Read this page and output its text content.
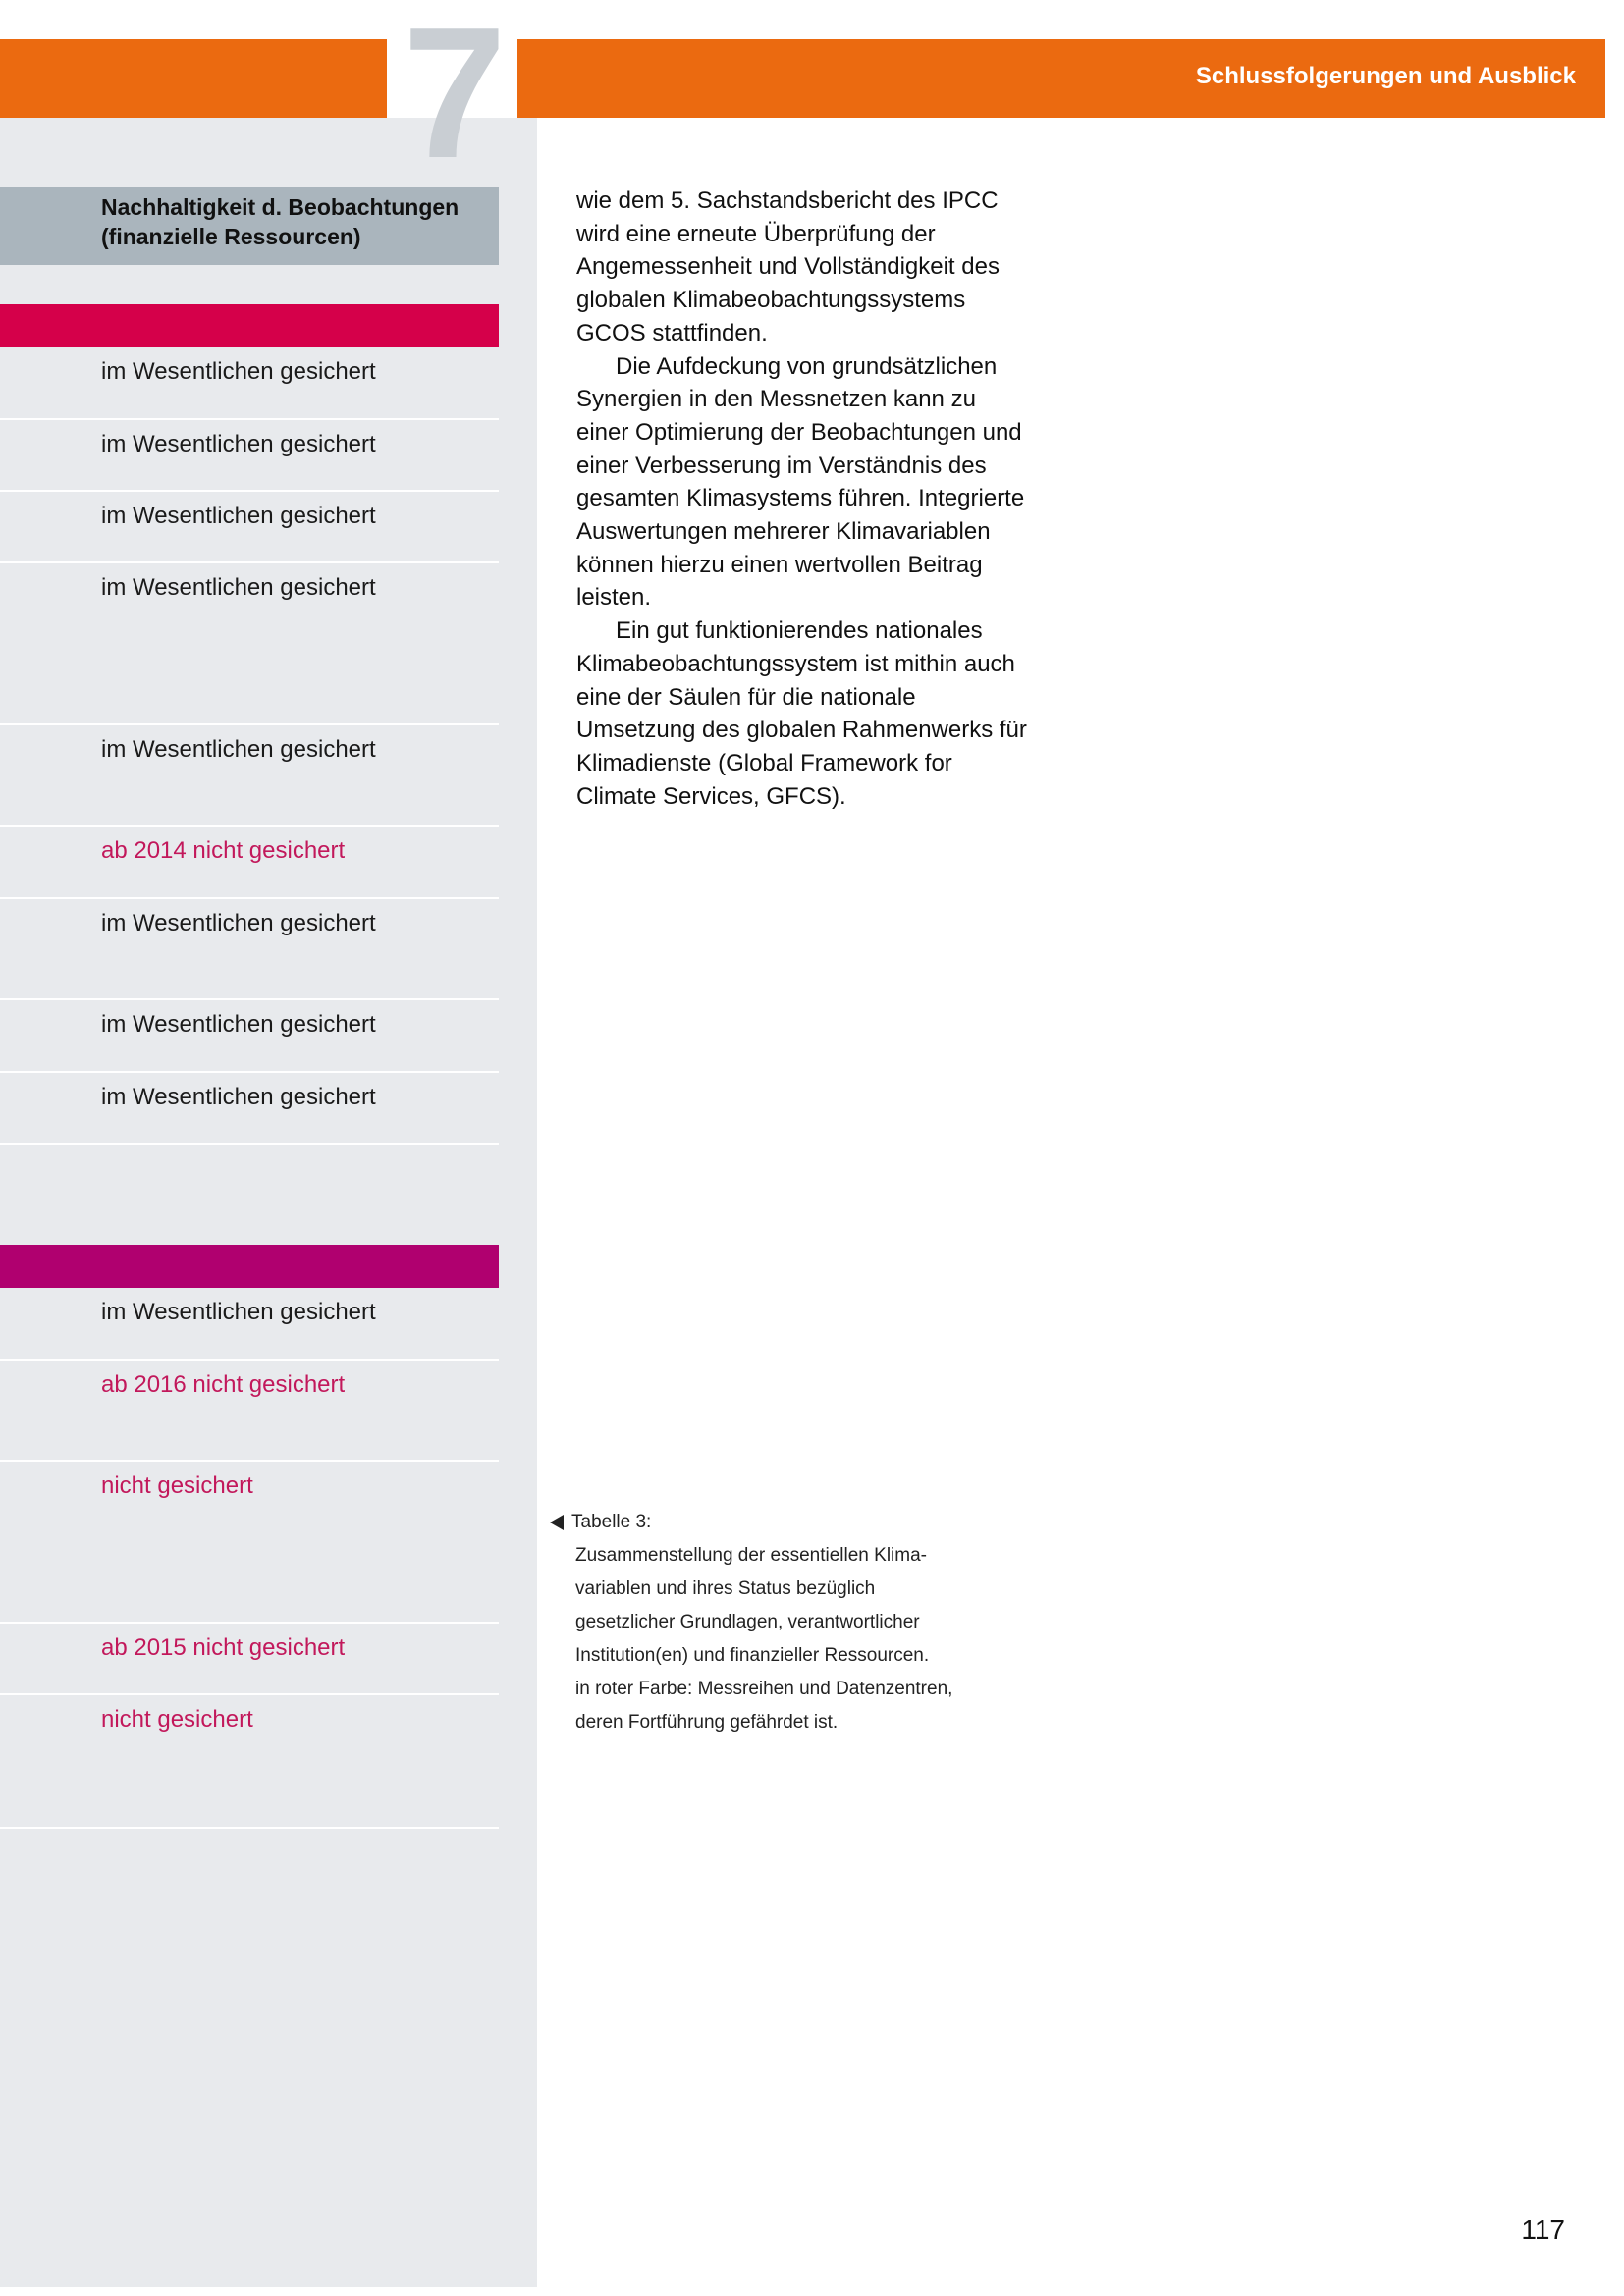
Schlussfolgerungen und Ausblick
7
Nachhaltigkeit d. Beobachtungen
(finanzielle Ressourcen)
im Wesentlichen gesichert
im Wesentlichen gesichert
im Wesentlichen gesichert
im Wesentlichen gesichert
im Wesentlichen gesichert
ab 2014 nicht gesichert
im Wesentlichen gesichert
im Wesentlichen gesichert
im Wesentlichen gesichert
im Wesentlichen gesichert
ab 2016 nicht gesichert
nicht gesichert
ab 2015 nicht gesichert
nicht gesichert

wie dem 5. Sachstandsbericht des IPCC wird eine erneute Überprüfung der Angemessenheit und Vollständigkeit des globalen Klimabeobachtungssystems GCOS stattfinden.

Die Aufdeckung von grundsätzlichen Synergien in den Messnetzen kann zu einer Optimierung der Beobachtungen und einer Verbesserung im Verständnis des gesamten Klimasystems führen. Integrierte Auswertungen mehrerer Klimavariablen können hierzu einen wertvollen Beitrag leisten.

Ein gut funktionierendes nationales Klimabeobachtungssystem ist mithin auch eine der Säulen für die nationale Umsetzung des globalen Rahmenwerks für Klimadienste (Global Framework for Climate Services, GFCS).

Tabelle 3:
Zusammenstellung der essentiellen Klima-
variablen und ihres Status bezüglich
gesetzlicher Grundlagen, verantwortlicher
Institution(en) und finanzieller Ressourcen.
in roter Farbe: Messreihen und Datenzentren,
deren Fortführung gefährdet ist.
117
